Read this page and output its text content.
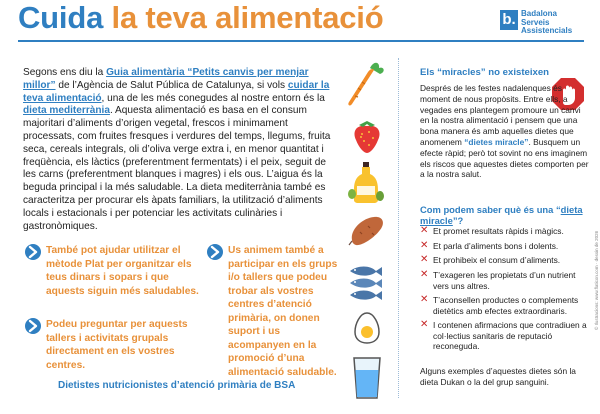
Cuida la teva alimentació	b. Badalona
Serveis
Assistencials
Segons ens diu la Guia alimentària “Petits canvis per menjar millor” de l’Agència de Salut Pública de Catalunya, si vols cuidar la teva alimentació, una de les més conegudes al nostre entorn és la dieta mediterrània. Aquesta alimentació es basa en el consum majoritari d’aliments d’origen vegetal, frescos i minimament processats, com fruites fresques i verdures del temps, llegums, fruita seca, cereals integrals, oli d’oliva verge extra i, en menor quantitat i freqüència, els làctics (preferentment fermentats) i el peix, seguit de les carns (preferentment blanques i magres) i els ous. L’aigua és la beguda principal i la més saludable. La dieta mediterrània també es caracteritza per procurar els àpats familiars, la utilització d’aliments locals i estacionals i per potenciar les activitats culinàries i gastronòmiques.
També pot ajudar utilitzar el mètode Plat per organitzar els teus dinars i sopars i que aquests siguin més saludables.
Podeu preguntar per aquests tallers i activitats grupals directament en els vostres centres.
Us animem també a participar en els grups i/o tallers que podeu trobar als vostres centres d’atenció primària, on donen suport i us acompanyen en la promoció d’una alimentació saludable.
Dietistes nutricionistes d’atenció primària de BSA
Els “miracles” no existeixen
Després de les festes nadalenques és moment de nous propòsits. Entre ells, a vegades ens plantegem promoure un canvi en la nostra alimentació i pensem que una bona manera és amb aquelles dietes que anomenem “dietes miracle”. Busquem un efecte ràpid; però tot sovint no ens imaginem els riscos que aquestes dietes comporten per a la nostra salut.
Com podem saber què és una “dieta miracle”?
✕ Et promet resultats ràpids i màgics.
✕ Et parla d’aliments bons i dolents.
✕ Et prohibeix el consum d’aliments.
✕ T’exageren les propietats d’un nutrient vers uns altres.
✕ T’aconsellen productes o complements dietètics amb efectes extraordinaris.
✕ I contenen afirmacions que contradiuen a col·lectius sanitaris de reputació reconeguda.
Alguns exemples d’aquestes dietes són la dieta Dukan o la del grup sanguini.
© Ilustracions: www.flaticon.com · dessin de 2026
